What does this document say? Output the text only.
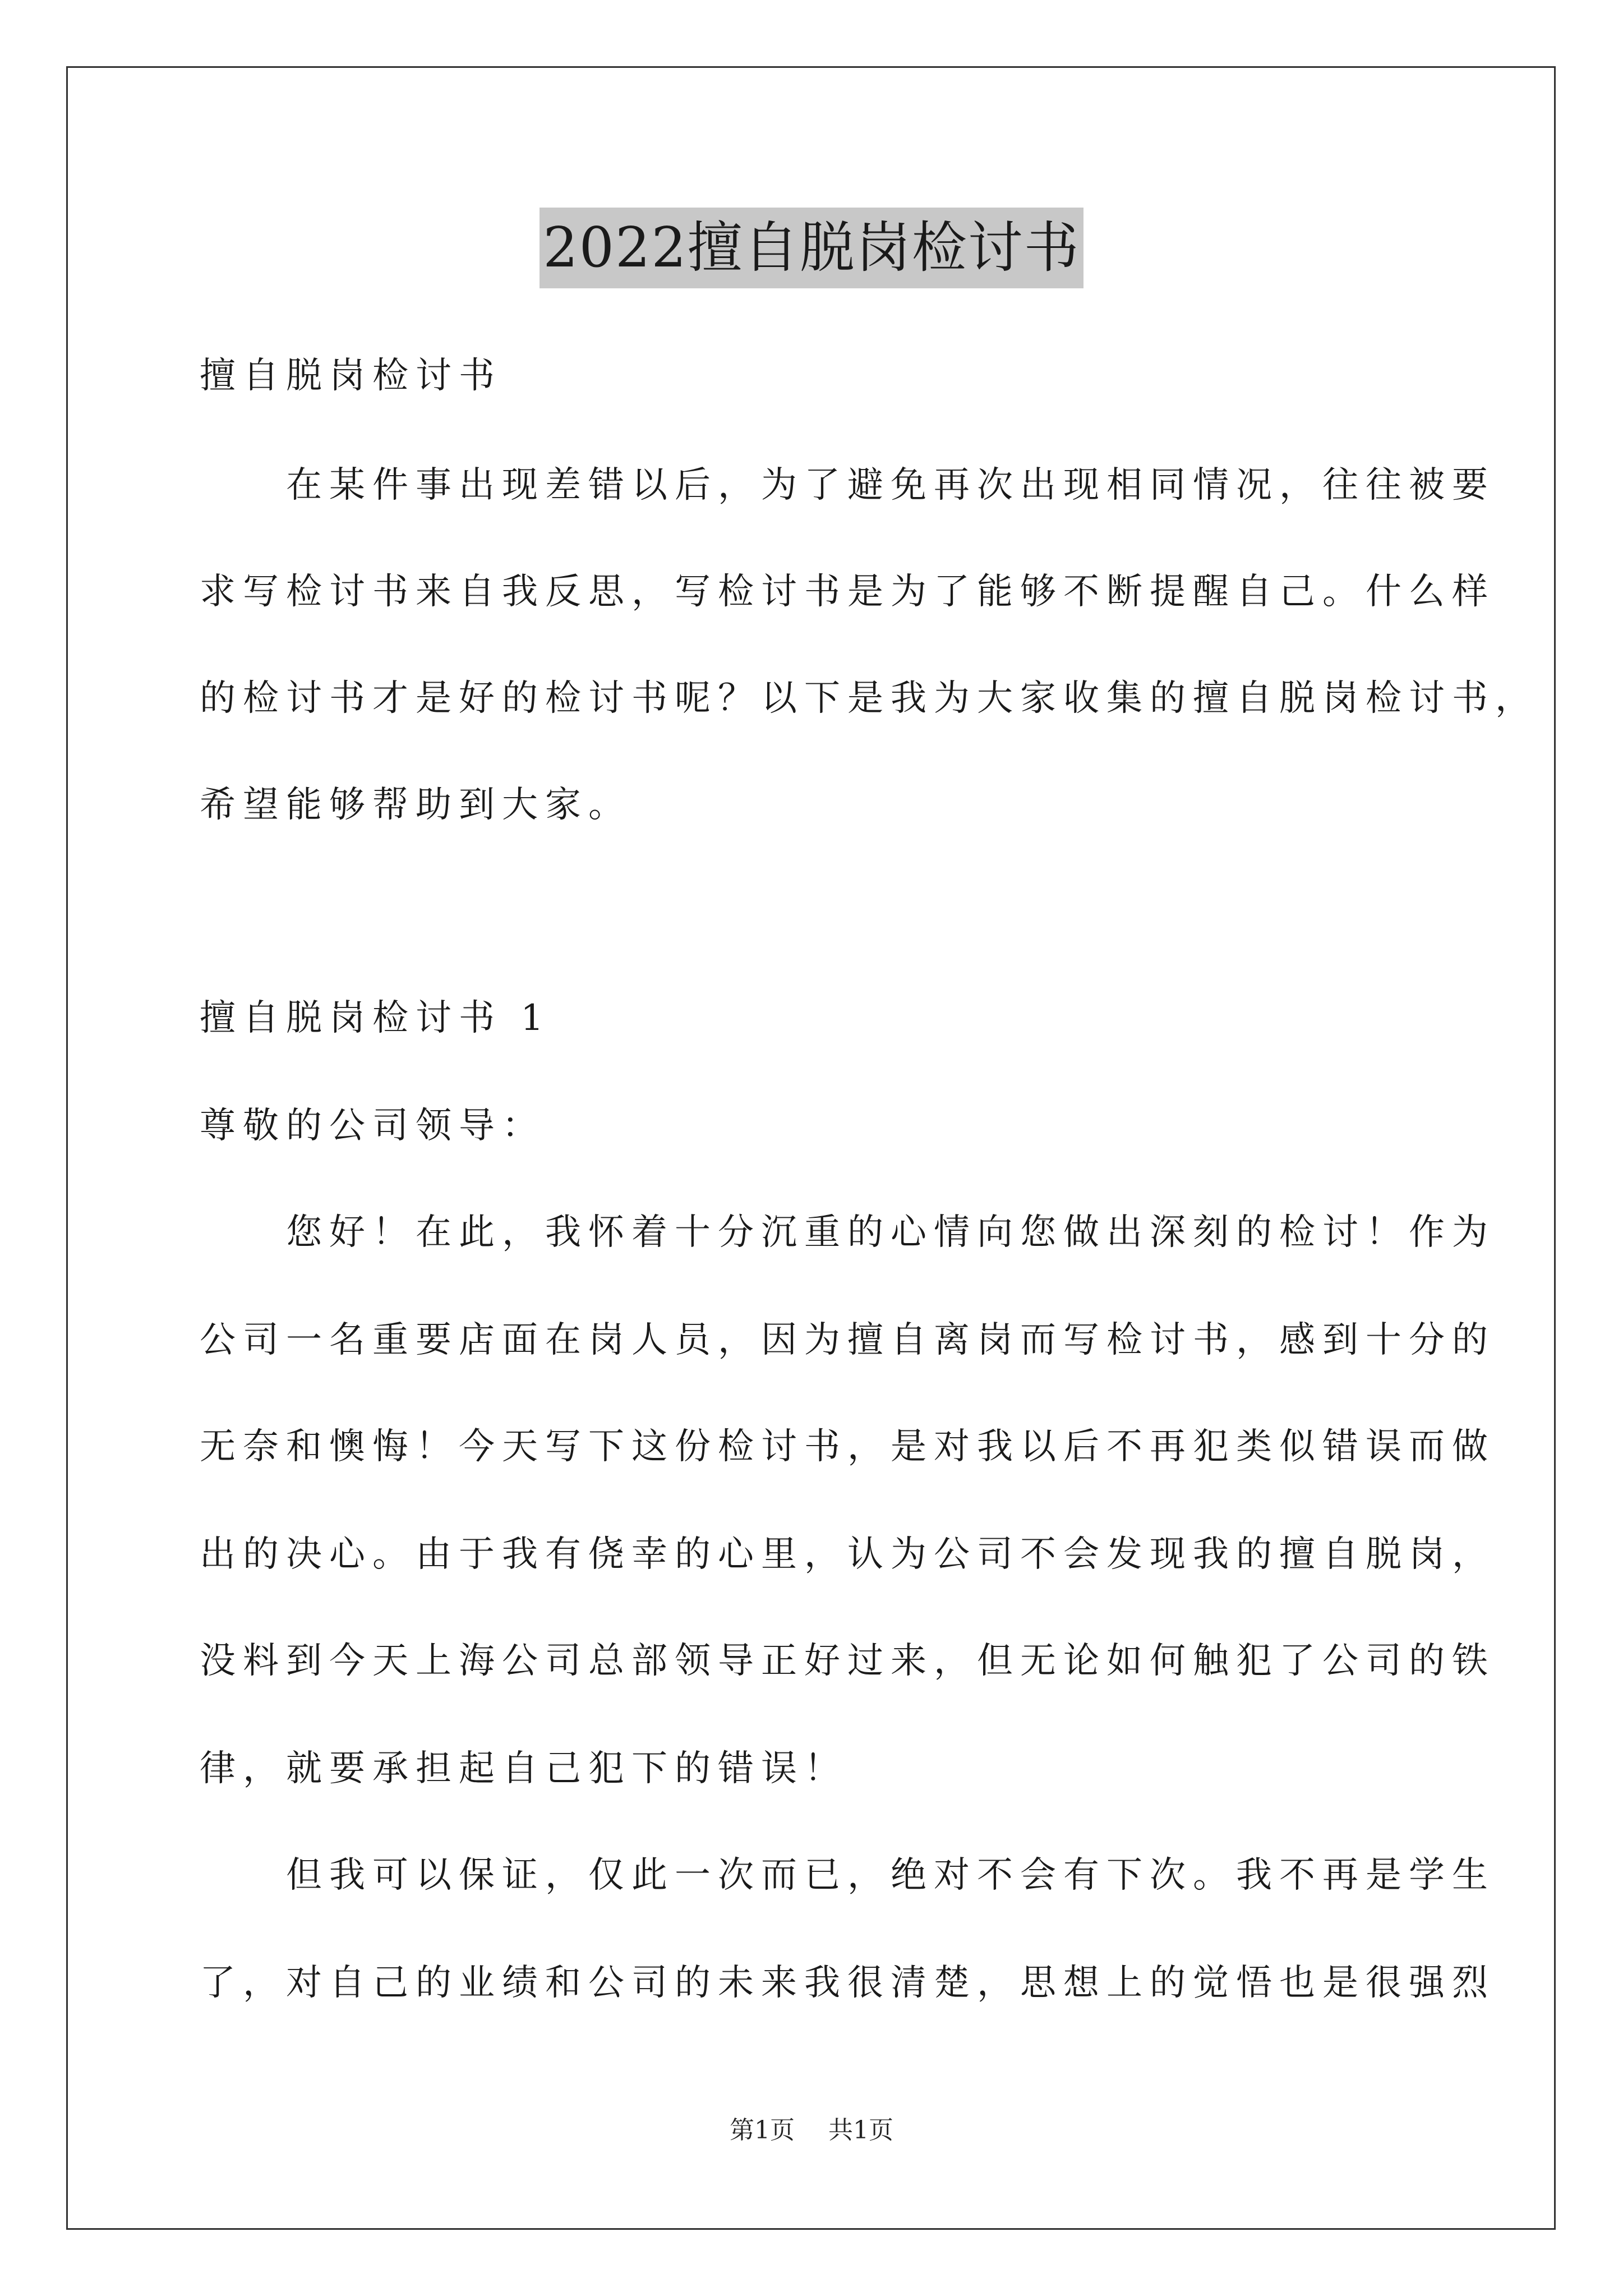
2022擅自脱岗检讨书
擅自脱岗检讨书
　　在某件事出现差错以后，为了避免再次出现相同情况，往往被要
求写检讨书来自我反思，写检讨书是为了能够不断提醒自己。什么样
的检讨书才是好的检讨书呢？以下是我为大家收集的擅自脱岗检讨书，
希望能够帮助到大家。
擅自脱岗检讨书 1
尊敬的公司领导：
　　您好！在此，我怀着十分沉重的心情向您做出深刻的检讨！作为
公司一名重要店面在岗人员，因为擅自离岗而写检讨书，感到十分的
无奈和懊悔！今天写下这份检讨书，是对我以后不再犯类似错误而做
出的决心。由于我有侥幸的心里，认为公司不会发现我的擅自脱岗，
没料到今天上海公司总部领导正好过来，但无论如何触犯了公司的铁
律，就要承担起自己犯下的错误！
　　但我可以保证，仅此一次而已，绝对不会有下次。我不再是学生
了，对自己的业绩和公司的未来我很清楚，思想上的觉悟也是很强烈
第1页 共1页
